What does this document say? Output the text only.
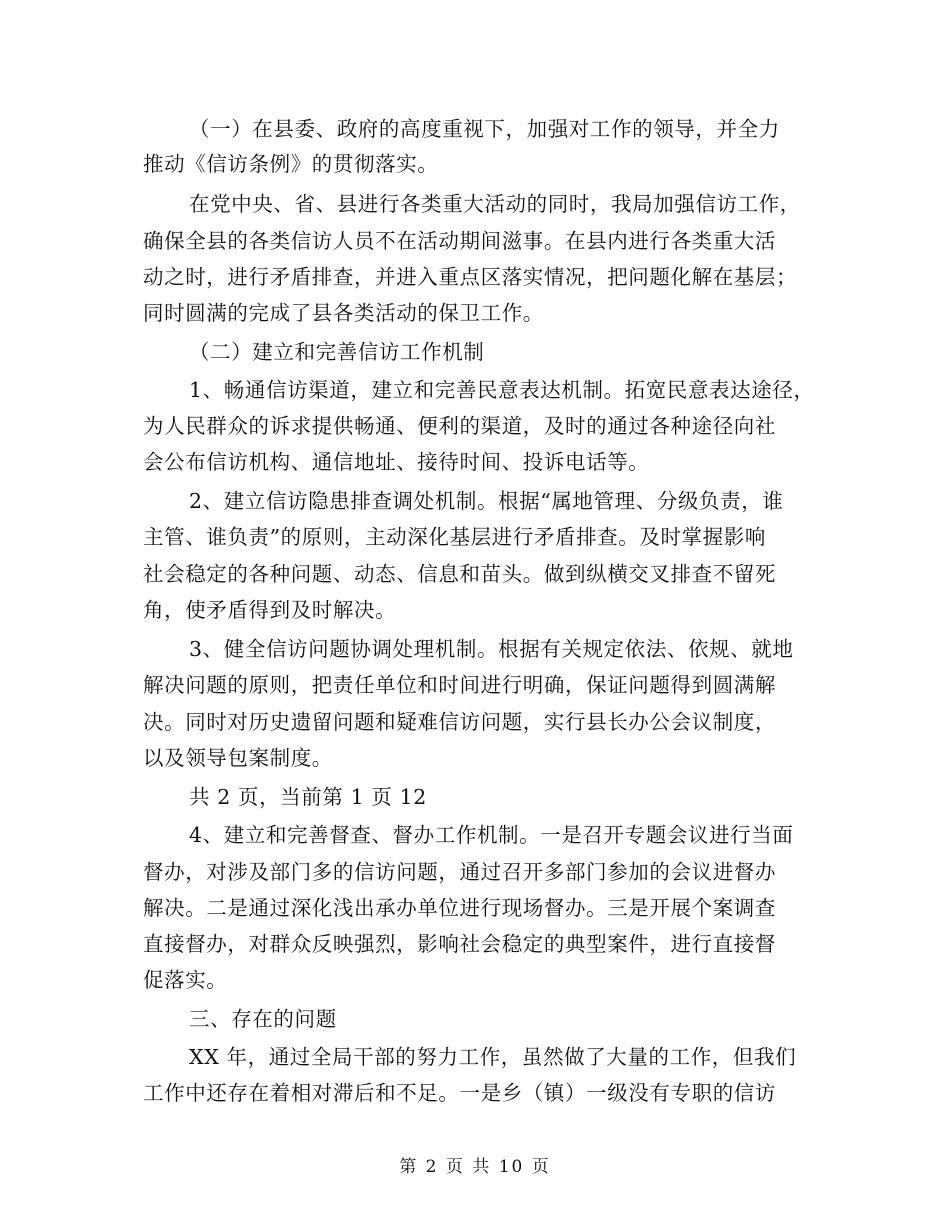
（一）在县委、政府的高度重视下，加强对工作的领导，并全力

推动《信访条例》的贯彻落实。

在党中央、省、县进行各类重大活动的同时，我局加强信访工作，

确保全县的各类信访人员不在活动期间滋事。在县内进行各类重大活

动之时，进行矛盾排查，并进入重点区落实情况，把问题化解在基层；

同时圆满的完成了县各类活动的保卫工作。

（二）建立和完善信访工作机制

1、畅通信访渠道，建立和完善民意表达机制。拓宽民意表达途径，

为人民群众的诉求提供畅通、便利的渠道，及时的通过各种途径向社

会公布信访机构、通信地址、接待时间、投诉电话等。

2、建立信访隐患排查调处机制。根据“属地管理、分级负责，谁

主管、谁负责”的原则，主动深化基层进行矛盾排查。及时掌握影响

社会稳定的各种问题、动态、信息和苗头。做到纵横交叉排查不留死

角，使矛盾得到及时解决。

3、健全信访问题协调处理机制。根据有关规定依法、依规、就地

解决问题的原则，把责任单位和时间进行明确，保证问题得到圆满解

决。同时对历史遗留问题和疑难信访问题，实行县长办公会议制度，

以及领导包案制度。

共 2 页，当前第 1 页 12

4、建立和完善督查、督办工作机制。一是召开专题会议进行当面

督办，对涉及部门多的信访问题，通过召开多部门参加的会议进督办

解决。二是通过深化浅出承办单位进行现场督办。三是开展个案调查

直接督办，对群众反映强烈，影响社会稳定的典型案件，进行直接督

促落实。

三、存在的问题

XX 年，通过全局干部的努力工作，虽然做了大量的工作，但我们

工作中还存在着相对滞后和不足。一是乡（镇）一级没有专职的信访

第 2 页 共 10 页
